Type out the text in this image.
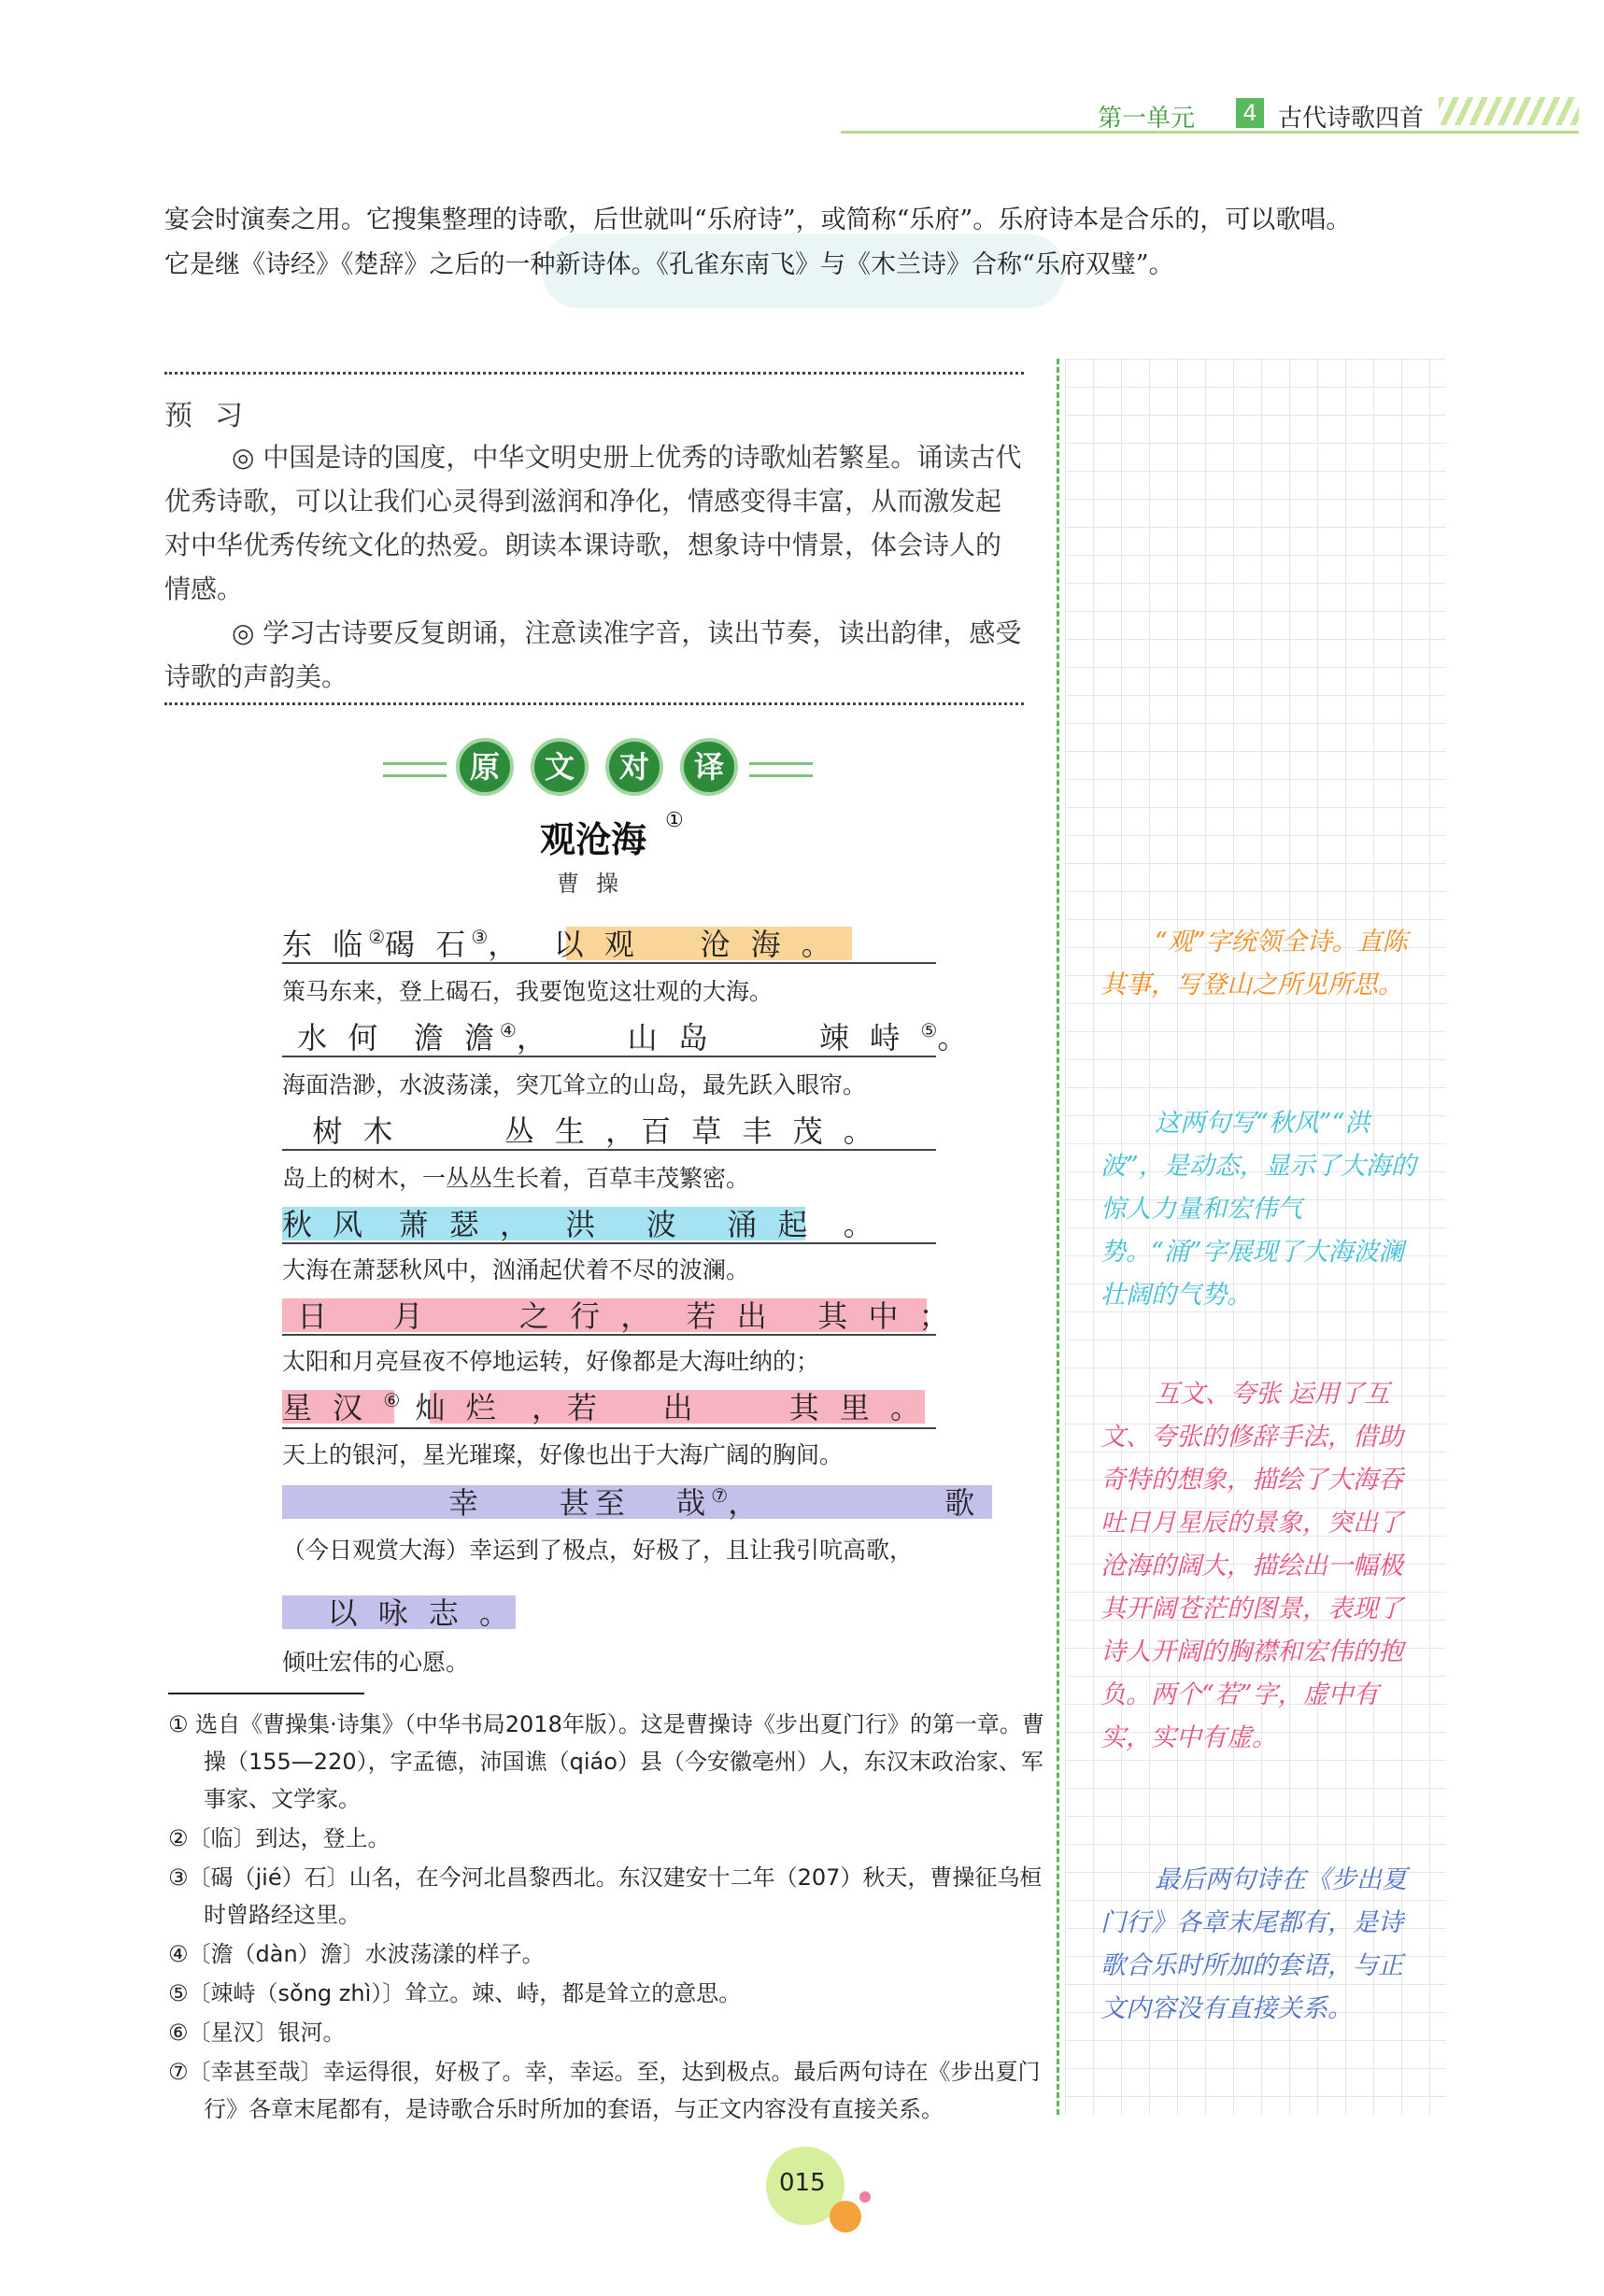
第一单元	4 古代诗歌四首
宴会时演奏之用。它搜集整理的诗歌，后世就叫“乐府诗”，或简称“乐府”。乐府诗本是合乐的，可以歌唱。
它是继《诗经》《楚辞》之后的一种新诗体。《孔雀东南飞》与《木兰诗》合称“乐府双璧”。
预习
◎ 中国是诗的国度，中华文明史册上优秀的诗歌灿若繁星。诵读古代优秀诗歌，可以让我们心灵得到滋润和净化，情感变得丰富，从而激发起对中华优秀传统文化的热爱。朗读本课诗歌，想象诗中情景，体会诗人的情感。
◎ 学习古诗要反复朗诵，注意读准字音，读出节奏，读出韵律，感受诗歌的声韵美。
原	文	对	译
观沧海 ①
曹操
东 临②碣 石③，  以 观    沧 海 。
策马东来，登上碣石，我要饱览这壮观的大海。
水 何  澹 澹④，     山 岛       竦 峙 ⑤。
海面浩渺，水波荡漾，突兀耸立的山岛，最先跃入眼帘。
树 木       丛 生 ，百 草 丰 茂 。
岛上的树木，一丛丛生长着，百草丰茂繁密。
秋 风  萧 瑟 ，  洪   波   涌 起  。
大海在萧瑟秋风中，汹涌起伏着不尽的波澜。
日    月      之 行 ，  若 出   其 中 ；
太阳和月亮昼夜不停地运转，好像都是大海吐纳的；
星 汉 ⑥ 灿 烂  ，若    出      其 里 。
天上的银河，星光璀璨，好像也出于大海广阔的胸间。
幸     甚至   哉⑦，            歌
（今日观赏大海）幸运到了极点，好极了，且让我引吭高歌，
以 咏 志 。
倾吐宏伟的心愿。
“观”字统领全诗。直陈其事，写登山之所见所思。
这两句写“秋风”“洪波”，是动态，显示了大海的惊人力量和宏伟气势。“涌”字展现了大海波澜壮阔的气势。
互文、夸张 运用了互文、夸张的修辞手法，借助奇特的想象，描绘了大海吞吐日月星辰的景象，突出了沧海的阔大，描绘出一幅极其开阔苍茫的图景，表现了诗人开阔的胸襟和宏伟的抱负。两个“若”字，虚中有实，实中有虚。
最后两句诗在《步出夏门行》各章末尾都有，是诗歌合乐时所加的套语，与正文内容没有直接关系。
① 选自《曹操集·诗集》（中华书局2018年版）。这是曹操诗《步出夏门行》的第一章。曹操（155—220），字孟德，沛国谯（qiáo）县（今安徽亳州）人，东汉末政治家、军事家、文学家。
②〔临〕到达，登上。
③〔碣（jié）石〕山名，在今河北昌黎西北。东汉建安十二年（207）秋天，曹操征乌桓时曾路经这里。
④〔澹（dàn）澹〕水波荡漾的样子。
⑤〔竦峙（sǒng zhì）〕耸立。竦、峙，都是耸立的意思。
⑥〔星汉〕银河。
⑦〔幸甚至哉〕幸运得很，好极了。幸，幸运。至，达到极点。最后两句诗在《步出夏门行》各章末尾都有，是诗歌合乐时所加的套语，与正文内容没有直接关系。
015
